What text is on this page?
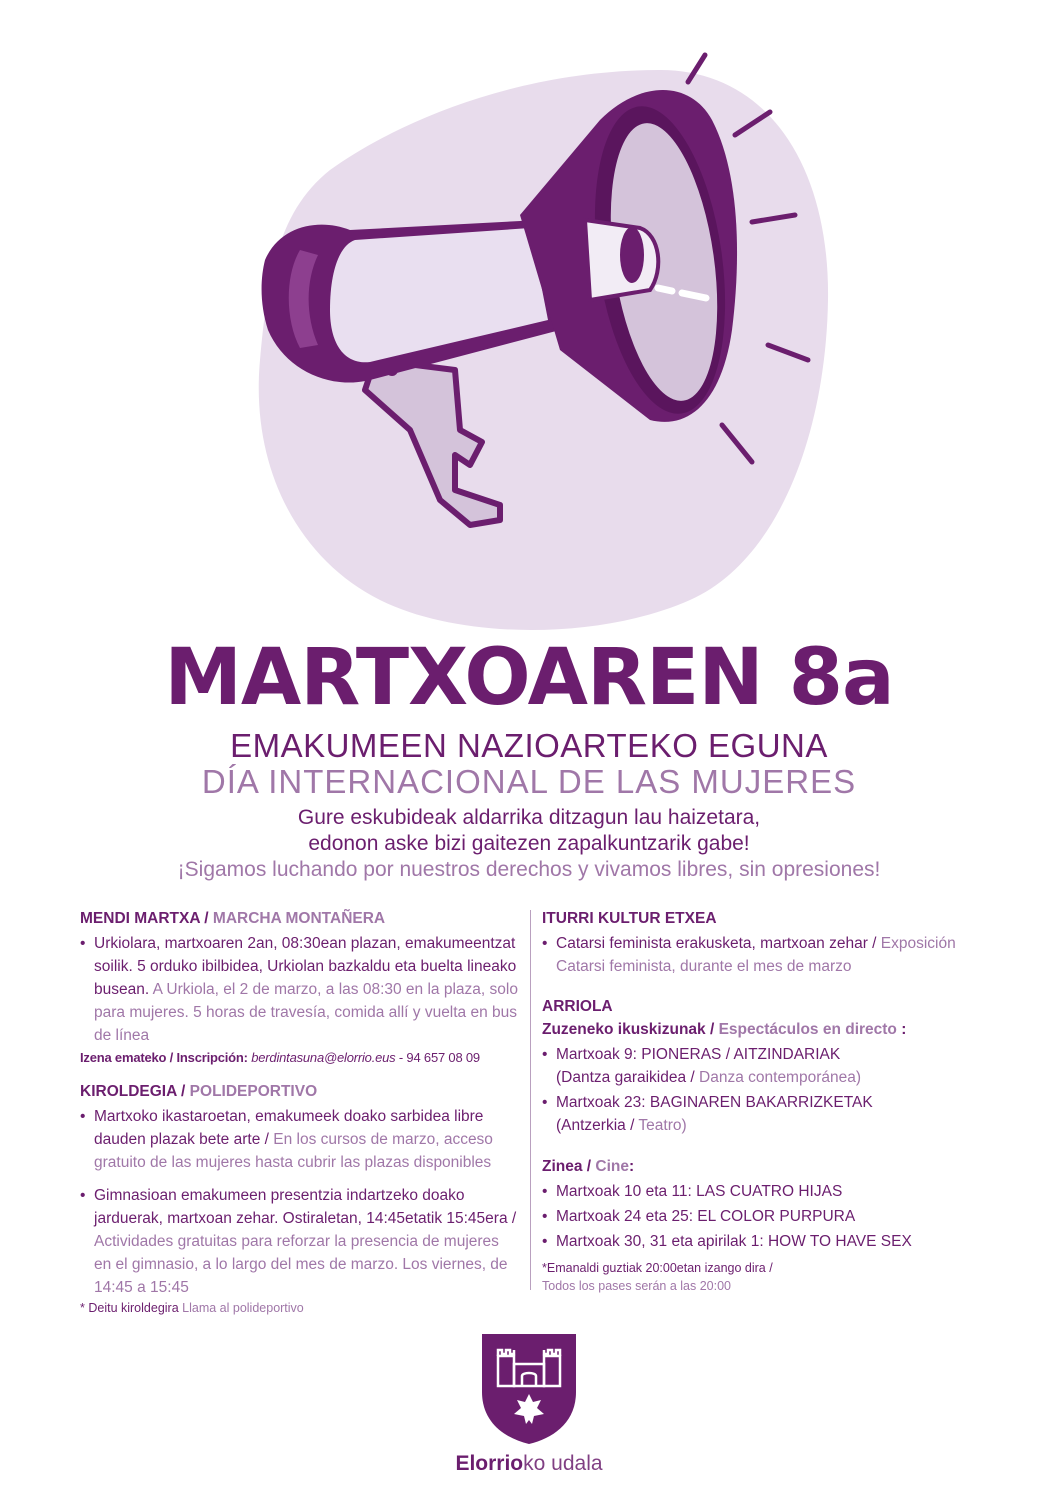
MARTXOAREN 8a
EMAKUMEEN NAZIOARTEKO EGUNA
DÍA INTERNACIONAL DE LAS MUJERES
Gure eskubideak aldarrika ditzagun lau haizetara,
edonon aske bizi gaitezen zapalkuntzarik gabe!
¡Sigamos luchando por nuestros derechos y vivamos libres, sin opresiones!

MENDI MARTXA / MARCHA MONTAÑERA

• Urkiolara, martxoaren 2an, 08:30ean plazan, emakumeentzat soilik. 5 orduko ibilbidea, Urkiolan bazkaldu eta buelta lineako busean. A Urkiola, el 2 de marzo, a las 08:30 en la plaza, solo para mujeres. 5 horas de travesía, comida allí y vuelta en bus de línea

Izena emateko / Inscripción: berdintasuna@elorrio.eus - 94 657 08 09

KIROLDEGIA / POLIDEPORTIVO

• Martxoko ikastaroetan, emakumeek doako sarbidea libre dauden plazak bete arte / En los cursos de marzo, acceso gratuito de las mujeres hasta cubrir las plazas disponibles

• Gimnasioan emakumeen presentzia indartzeko doako jarduerak, martxoan zehar. Ostiraletan, 14:45etatik 15:45era / Actividades gratuitas para reforzar la presencia de mujeres en el gimnasio, a lo largo del mes de marzo. Los viernes, de 14:45 a 15:45

* Deitu kiroldegira Llama al polideportivo

ITURRI KULTUR ETXEA

• Catarsi feminista erakusketa, martxoan zehar / Exposición Catarsi feminista, durante el mes de marzo

ARRIOLA

Zuzeneko ikuskizunak / Espectáculos en directo :

• Martxoak 9: PIONERAS / AITZINDARIAK

(Dantza garaikidea / Danza contemporánea)

• Martxoak 23: BAGINAREN BAKARRIZKETAK

(Antzerkia / Teatro)

Zinea / Cine:

• Martxoak 10 eta 11: LAS CUATRO HIJAS

• Martxoak 24 eta 25: EL COLOR PURPURA

• Martxoak 30, 31 eta apirilak 1: HOW TO HAVE SEX

*Emanaldi guztiak 20:00etan izango dira /
Todos los pases serán a las 20:00
Elorrioko udala
